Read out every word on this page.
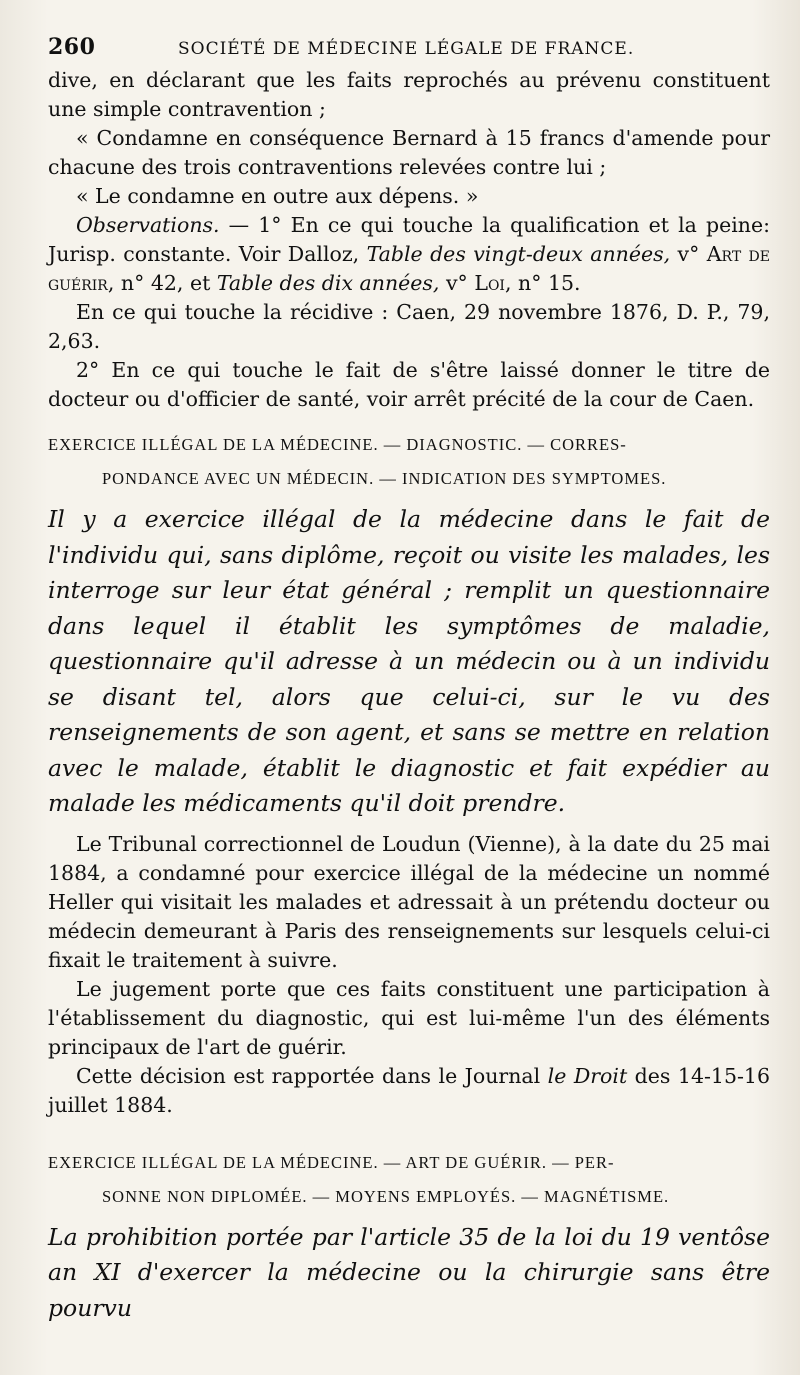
260	SOCIÉTÉ DE MÉDECINE LÉGALE DE FRANCE.

dive, en déclarant que les faits reprochés au prévenu constituent une simple contravention ;

« Condamne en conséquence Bernard à 15 francs d'amende pour chacune des trois contraventions relevées contre lui ;

« Le condamne en outre aux dépens. »

Observations. — 1° En ce qui touche la qualification et la peine: Jurisp. constante. Voir Dalloz, Table des vingt-deux années, v° Art de guérir, n° 42, et Table des dix années, v° Loi, n° 15.

En ce qui touche la récidive : Caen, 29 novembre 1876, D. P., 79, 2,63.

2° En ce qui touche le fait de s'être laissé donner le titre de docteur ou d'officier de santé, voir arrêt précité de la cour de Caen.

EXERCICE ILLÉGAL DE LA MÉDECINE. — DIAGNOSTIC. — CORRES-
PONDANCE AVEC UN MÉDECIN. — INDICATION DES SYMPTOMES.

Il y a exercice illégal de la médecine dans le fait de l'individu qui, sans diplôme, reçoit ou visite les malades, les interroge sur leur état général ; remplit un questionnaire dans lequel il établit les symptômes de maladie, questionnaire qu'il adresse à un médecin ou à un individu se disant tel, alors que celui-ci, sur le vu des renseignements de son agent, et sans se mettre en relation avec le malade, établit le diagnostic et fait expédier au malade les médicaments qu'il doit prendre.

Le Tribunal correctionnel de Loudun (Vienne), à la date du 25 mai 1884, a condamné pour exercice illégal de la médecine un nommé Heller qui visitait les malades et adressait à un prétendu docteur ou médecin demeurant à Paris des renseignements sur lesquels celui-ci fixait le traitement à suivre.

Le jugement porte que ces faits constituent une participation à l'établissement du diagnostic, qui est lui-même l'un des éléments principaux de l'art de guérir.

Cette décision est rapportée dans le Journal le Droit des 14-15-16 juillet 1884.

EXERCICE ILLÉGAL DE LA MÉDECINE. — ART DE GUÉRIR. — PER-
SONNE NON DIPLOMÉE. — MOYENS EMPLOYÉS. — MAGNÉTISME.

La prohibition portée par l'article 35 de la loi du 19 ventôse an XI d'exercer la médecine ou la chirurgie sans être pourvu
